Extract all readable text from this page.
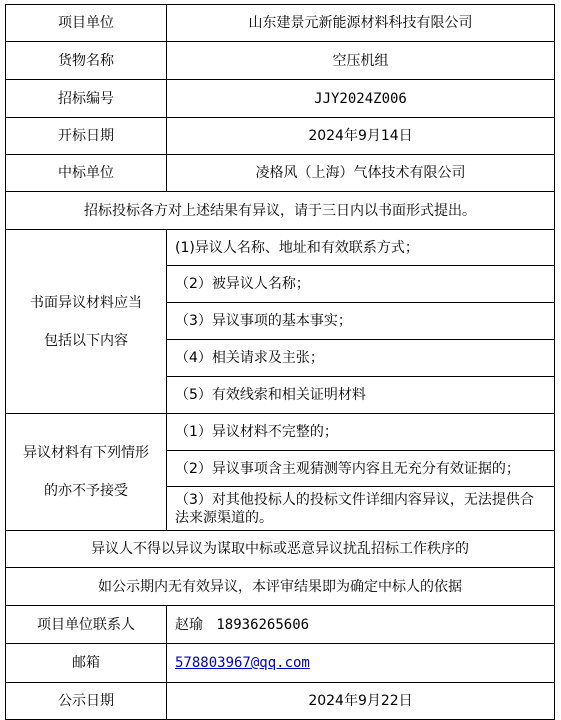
项目单位	山东建景元新能源材料科技有限公司
货物名称	空压机组
招标编号	JJY2024Z006
开标日期	2024年9月14日
中标单位	凌格风（上海）气体技术有限公司
招标投标各方对上述结果有异议，请于三日内以书面形式提出。	

书面异议材料应当
包括以下内容	(1)异议人名称、地址和有效联系方式；
	（2）被异议人名称；
	（3）异议事项的基本事实；
	（4）相关请求及主张；
	（5）有效线索和相关证明材料

异议材料有下列情形
的亦不予接受	（1）异议材料不完整的；
	（2）异议事项含主观猜测等内容且无充分有效证据的；
	（3）对其他投标人的投标文件详细内容异议，无法提供合法来源渠道的。
异议人不得以异议为谋取中标或恶意异议扰乱招标工作秩序的	
如公示期内无有效异议，本评审结果即为确定中标人的依据	
项目单位联系人	赵瑜 18936265606
邮箱	578803967@qq.com
公示日期	2024年9月22日
